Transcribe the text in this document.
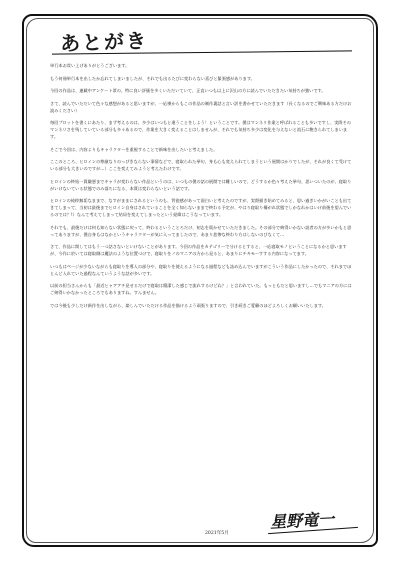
あとがき

単行本お買い上げありがとうございます。

もう何冊単行本を出したか忘れてしまいましたが、それでも出るたびに変わらない喜びと緊張感があります。

今回の作品は、連載中アンケート票の、特に良い評価を多くいただいていて、正直いつも以上に沢山の方に読んでいただきたい気持ちが強いです。

さて、読んでいただいて色々な感想があると思いますが、一応裸からもこの作品の制作裏話と言い訳を書かせていただきます（長くなるのでご興味ある方だけお読みください）

毎回プロットを書くにあたり、まず考えるのは、多少はいつもと違うことをしよう！ということです。僕はマンネリ作業と呼ばれることも多いですし、実際そのマンネリさを残していている部分も多々あるので、作業を大きく変えることはしませんが、それでも気持ち多少は変化を与えないと流石に飽きられてしまいます。

そこで今回は、内容よりもキャラクターを重視することで新味を出したいと考えました。

ここのところ、ヒロインの尊厳なりのっぴきならない事情などで、寝取られた挙句、身も心も変えられてしまうという展開はかりでしたが、それが良くて受けている部分も大きいのですが…）ここを変えてみようと考えたわけです。

ヒロインの終始一貫嫌悪までキャラが変わらない作品というのは、いつもの僕の話の展開では難しいので、どうするか色々考えた挙句、思いついたのが、寝取りがいけないている状態でのみ落ちになる、本質は変わらないという話です。

ヒロインの純粋無垢なままで、なすがままにされるというのも、背徳感があって面白いと考えたのですが、実際描き始めてみると、思い過ぎいかがいことも出てきてしまって、当初は最後までヒロイン自身はされていることを全く知らないままで終わる予定が、やはり寝取り構がれ状態でしかなれかはいけ前後を望んでいるのでは？!）なんて考えてしまって結局を変えてしまったという経緯はこうなっています。

それでも、最後だけは何も知らない状態に戻って、終わるということろだけ、初志を貫かせていただきました。その部分で納得いかない読者の方が多いかもと思ってありますが、僕自身もはなかというキャラクターが気に入ってましたので、あまり悲惨な終わり方はしないのびなくて…

さて、作品に関してはもう一つ話さないといけないことがあります。今回の作品をカテゴリーで分けるとすると、一応寝取モノということになるかと思いますが、今作に於いては寝取側は魔法のような位置づけで、寝取りをノのマニアの方から見ると、あまりにチキモーすする内容になってます。

いつもはページが少ないながらも寝取りを導入の部分や、寝取りを使えるようになる過程なども詰め込んでいますがこういう作品にしたかったので、それまでほとんど入れていた過程なんていうような話が多いです。

以前の担当さんからも「最近ヒャアアチ見せるだけで寝取は簡潔した感じで流れするけどね？」と言われていた。もっともだと思いますし…でもマニアの方にはご納得いかなかったところでもありますね。すんません。

では今後も少しだけ新作を出しながら、楽しんでいただける作品を描けるよう頑張りますので、引き続きご愛顧のほどよろしくお願いいたします。

2021年5月
星野竜一
